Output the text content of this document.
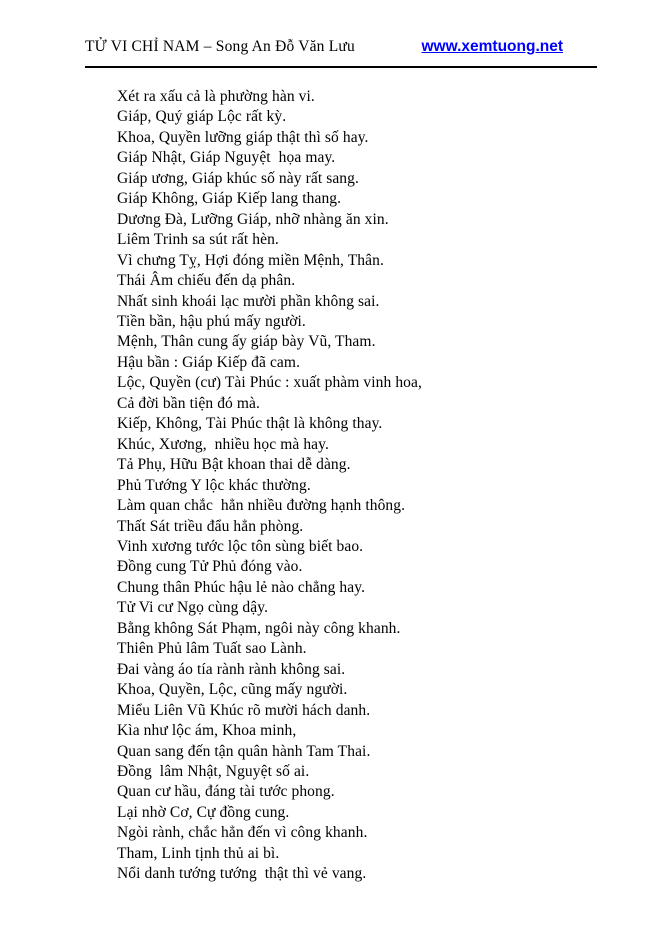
TỬ VI CHỈ NAM – Song An Đỗ Văn Lưu	www.xemtuong.net
Xét ra xấu cả là phường hàn vi.
Giáp, Quý giáp Lộc rất kỳ.
Khoa, Quyền lưỡng giáp thật thì số hay.
Giáp Nhật, Giáp Nguyệt  họa may.
Giáp ương, Giáp khúc số này rất sang.
Giáp Không, Giáp Kiếp lang thang.
Dương Đà, Lưỡng Giáp, nhỡ nhàng ăn xin.
Liêm Trinh sa sút rất hèn.
Vì chưng Tỵ, Hợi đóng miền Mệnh, Thân.
Thái Âm chiếu đến dạ phân.
Nhất sinh khoái lạc mười phần không sai.
Tiền bần, hậu phú mấy người.
Mệnh, Thân cung ấy giáp bày Vũ, Tham.
Hậu bần : Giáp Kiếp đã cam.
Lộc, Quyền (cư) Tài Phúc : xuất phàm vinh hoa,
Cả đời bần tiện đó mà.
Kiếp, Không, Tài Phúc thật là không thay.
Khúc, Xương,  nhiều học mà hay.
Tả Phụ, Hữu Bật khoan thai dễ dàng.
Phủ Tướng Y lộc khác thường.
Làm quan chắc  hẳn nhiều đường hạnh thông.
Thất Sát triều đẩu hẳn phòng.
Vinh xương tước lộc tôn sùng biết bao.
Đồng cung Tử Phủ đóng vào.
Chung thân Phúc hậu lẻ nào chẳng hay.
Tử Vi cư Ngọ cùng dậy.
Bằng không Sát Phạm, ngôi này công khanh.
Thiên Phủ lâm Tuất sao Lành.
Đai vàng áo tía rành rành không sai.
Khoa, Quyền, Lộc, cũng mấy người.
Miểu Liên Vũ Khúc rõ mười hách danh.
Kìa như lộc ám, Khoa minh,
Quan sang đến tận quân hành Tam Thai.
Đồng  lâm Nhật, Nguyệt số ai.
Quan cư hầu, đáng tài tước phong.
Lại nhờ Cơ, Cự đồng cung.
Ngòi rành, chắc hẳn đến vì công khanh.
Tham, Linh tịnh thủ ai bì.
Nổi danh tướng tướng  thật thì vẻ vang.
